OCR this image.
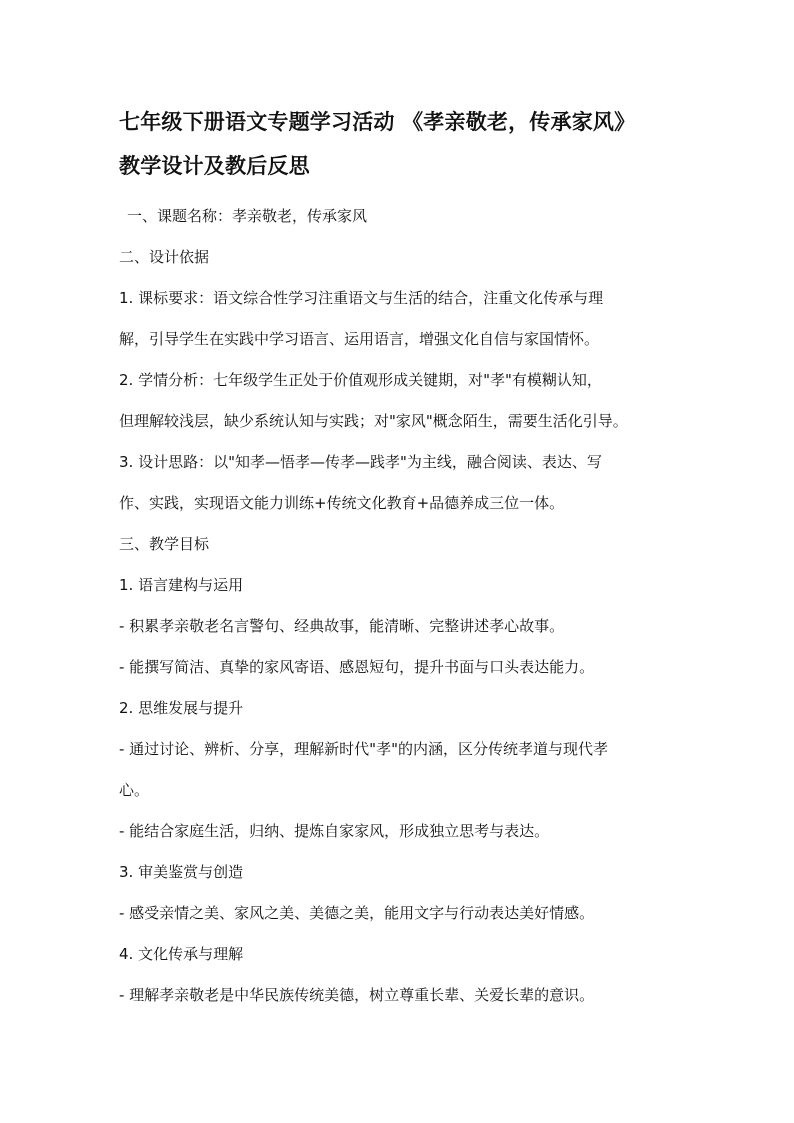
七年级下册语文专题学习活动 《孝亲敬老，传承家风》
教学设计及教后反思
一、课题名称：孝亲敬老，传承家风
二、设计依据
1. 课标要求：语文综合性学习注重语文与生活的结合，注重文化传承与理
解，引导学生在实践中学习语言、运用语言，增强文化自信与家国情怀。
2. 学情分析：七年级学生正处于价值观形成关键期，对"孝"有模糊认知，
但理解较浅层，缺少系统认知与实践；对"家风"概念陌生，需要生活化引导。
3. 设计思路：以"知孝—悟孝—传孝—践孝"为主线，融合阅读、表达、写
作、实践，实现语文能力训练+传统文化教育+品德养成三位一体。
三、教学目标
1. 语言建构与运用
- 积累孝亲敬老名言警句、经典故事，能清晰、完整讲述孝心故事。
- 能撰写简洁、真挚的家风寄语、感恩短句，提升书面与口头表达能力。
2. 思维发展与提升
- 通过讨论、辨析、分享，理解新时代"孝"的内涵，区分传统孝道与现代孝
心。
- 能结合家庭生活，归纳、提炼自家家风，形成独立思考与表达。
3. 审美鉴赏与创造
- 感受亲情之美、家风之美、美德之美，能用文字与行动表达美好情感。
4. 文化传承与理解
- 理解孝亲敬老是中华民族传统美德，树立尊重长辈、关爱长辈的意识。
